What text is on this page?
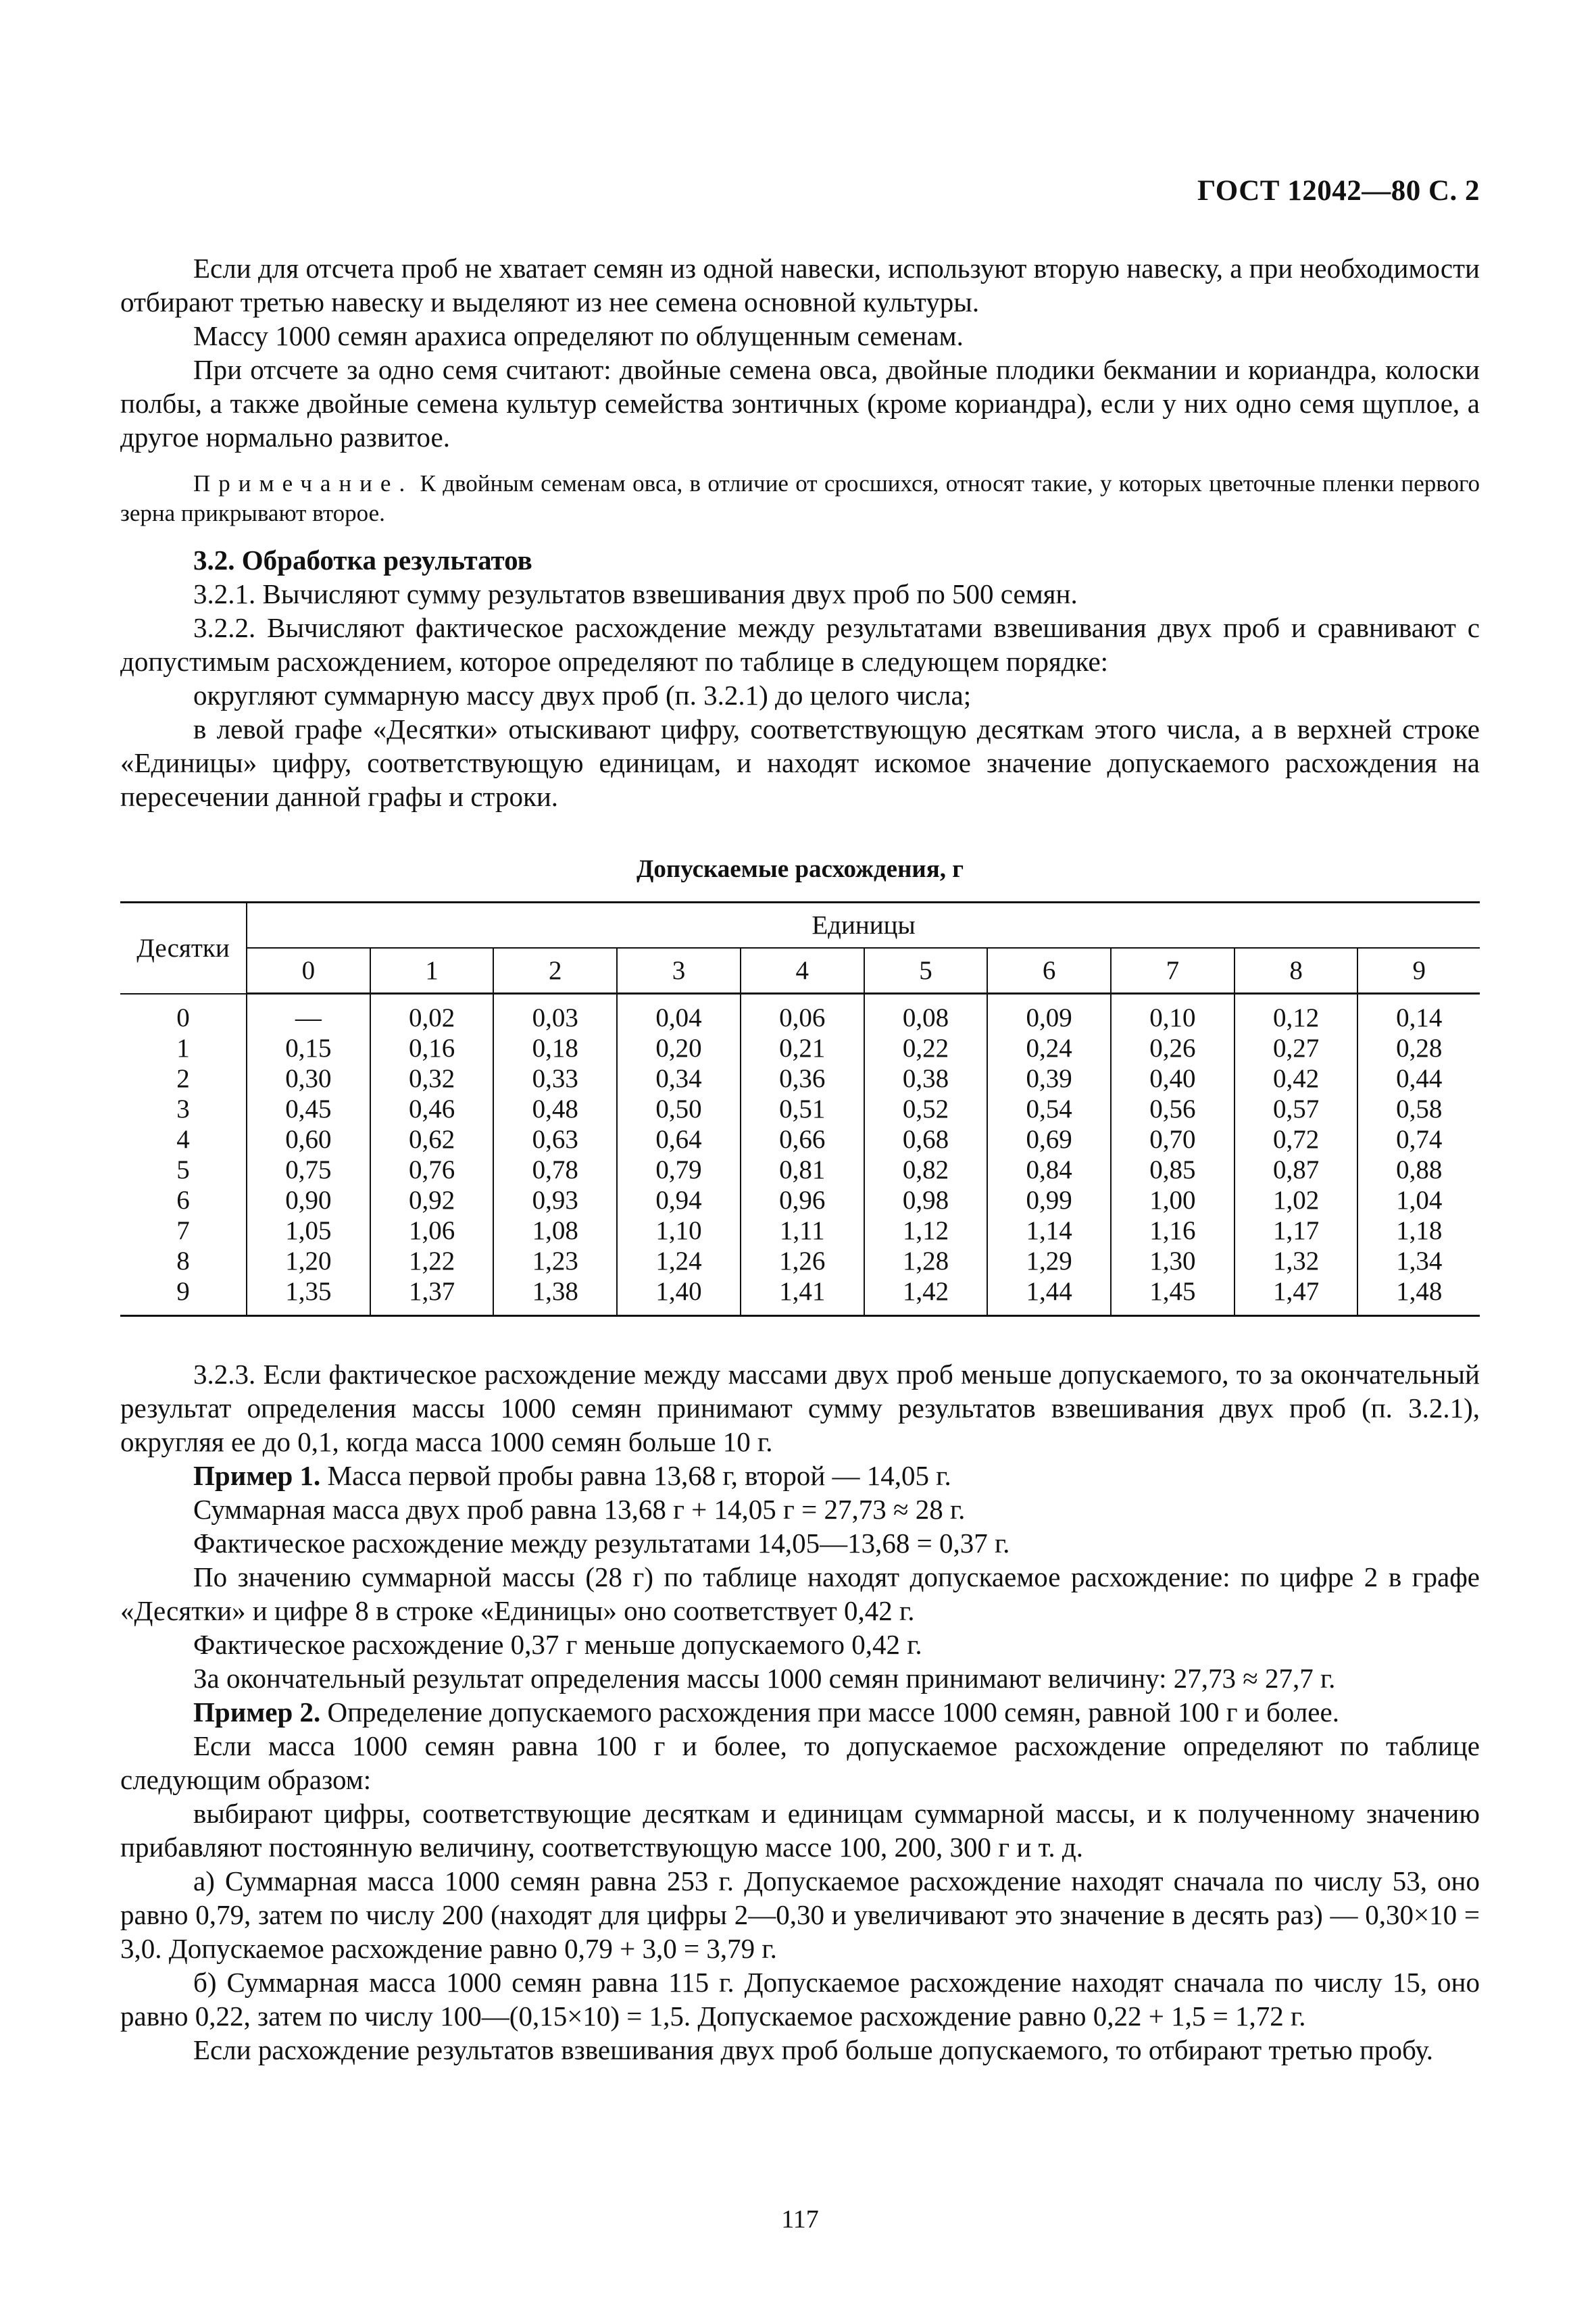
ГОСТ 12042—80 С. 2

Если для отсчета проб не хватает семян из одной навески, используют вторую навеску, а при необходимости отбирают третью навеску и выделяют из нее семена основной культуры.

Массу 1000 семян арахиса определяют по облущенным семенам.

При отсчете за одно семя считают: двойные семена овса, двойные плодики бекмании и кориандра, колоски полбы, а также двойные семена культур семейства зонтичных (кроме кориандра), если у них одно семя щуплое, а другое нормально развитое.

Примечание. К двойным семенам овса, в отличие от сросшихся, относят такие, у которых цветочные пленки первого зерна прикрывают второе.

3.2. Обработка результатов

3.2.1. Вычисляют сумму результатов взвешивания двух проб по 500 семян.

3.2.2. Вычисляют фактическое расхождение между результатами взвешивания двух проб и сравнивают с допустимым расхождением, которое определяют по таблице в следующем порядке:

округляют суммарную массу двух проб (п. 3.2.1) до целого числа;

в левой графе «Десятки» отыскивают цифру, соответствующую десяткам этого числа, а в верхней строке «Единицы» цифру, соответствующую единицам, и находят искомое значение допускаемого расхождения на пересечении данной графы и строки.

Допускаемые расхождения, г
Десятки	Единицы									
	0	1	2	3	4	5	6	7	8	9
0	—	0,02	0,03	0,04	0,06	0,08	0,09	0,10	0,12	0,14
1	0,15	0,16	0,18	0,20	0,21	0,22	0,24	0,26	0,27	0,28
2	0,30	0,32	0,33	0,34	0,36	0,38	0,39	0,40	0,42	0,44
3	0,45	0,46	0,48	0,50	0,51	0,52	0,54	0,56	0,57	0,58
4	0,60	0,62	0,63	0,64	0,66	0,68	0,69	0,70	0,72	0,74
5	0,75	0,76	0,78	0,79	0,81	0,82	0,84	0,85	0,87	0,88
6	0,90	0,92	0,93	0,94	0,96	0,98	0,99	1,00	1,02	1,04
7	1,05	1,06	1,08	1,10	1,11	1,12	1,14	1,16	1,17	1,18
8	1,20	1,22	1,23	1,24	1,26	1,28	1,29	1,30	1,32	1,34
9	1,35	1,37	1,38	1,40	1,41	1,42	1,44	1,45	1,47	1,48

3.2.3. Если фактическое расхождение между массами двух проб меньше допускаемого, то за окончательный результат определения массы 1000 семян принимают сумму результатов взвешивания двух проб (п. 3.2.1), округляя ее до 0,1, когда масса 1000 семян больше 10 г.

Пример 1. Масса первой пробы равна 13,68 г, второй — 14,05 г.

Суммарная масса двух проб равна 13,68 г + 14,05 г = 27,73 ≈ 28 г.

Фактическое расхождение между результатами 14,05—13,68 = 0,37 г.

По значению суммарной массы (28 г) по таблице находят допускаемое расхождение: по цифре 2 в графе «Десятки» и цифре 8 в строке «Единицы» оно соответствует 0,42 г.

Фактическое расхождение 0,37 г меньше допускаемого 0,42 г.

За окончательный результат определения массы 1000 семян принимают величину: 27,73 ≈ 27,7 г.

Пример 2. Определение допускаемого расхождения при массе 1000 семян, равной 100 г и более.

Если масса 1000 семян равна 100 г и более, то допускаемое расхождение определяют по таблице следующим образом:

выбирают цифры, соответствующие десяткам и единицам суммарной массы, и к полученному значению прибавляют постоянную величину, соответствующую массе 100, 200, 300 г и т. д.

а) Суммарная масса 1000 семян равна 253 г. Допускаемое расхождение находят сначала по числу 53, оно равно 0,79, затем по числу 200 (находят для цифры 2—0,30 и увеличивают это значение в десять раз) — 0,30×10 = 3,0. Допускаемое расхождение равно 0,79 + 3,0 = 3,79 г.

б) Суммарная масса 1000 семян равна 115 г. Допускаемое расхождение находят сначала по числу 15, оно равно 0,22, затем по числу 100—(0,15×10) = 1,5. Допускаемое расхождение равно 0,22 + 1,5 = 1,72 г.

Если расхождение результатов взвешивания двух проб больше допускаемого, то отбирают третью пробу.

117
